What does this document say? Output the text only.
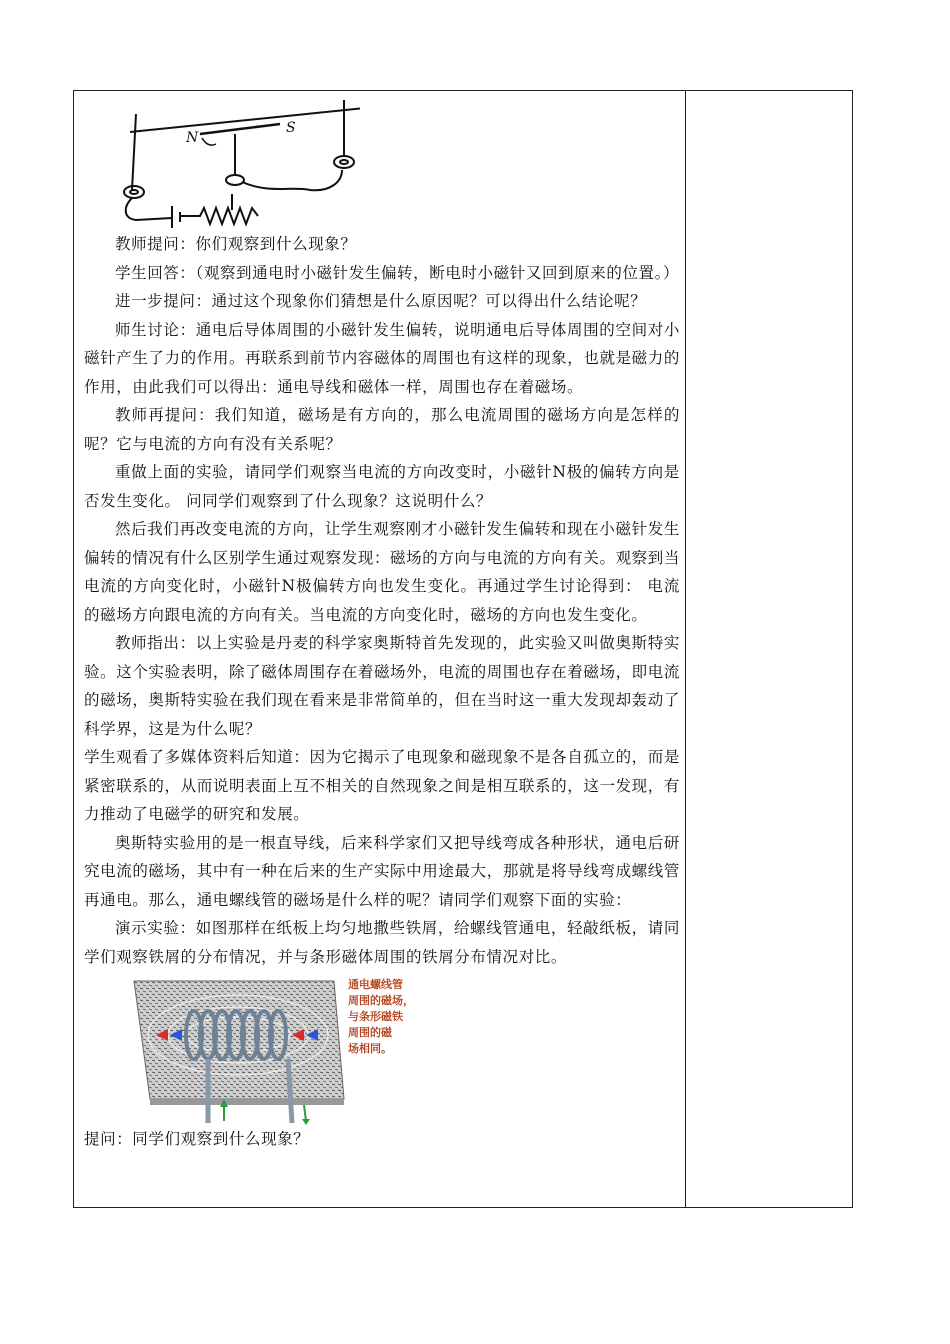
N
S

教师提问：你们观察到什么现象？

学生回答：（观察到通电时小磁针发生偏转，断电时小磁针又回到原来的位置。）

进一步提问：通过这个现象你们猜想是什么原因呢？可以得出什么结论呢？

师生讨论：通电后导体周围的小磁针发生偏转，说明通电后导体周围的空间对小磁针产生了力的作用。再联系到前节内容磁体的周围也有这样的现象，也就是磁力的作用，由此我们可以得出：通电导线和磁体一样，周围也存在着磁场。

教师再提问：我们知道，磁场是有方向的，那么电流周围的磁场方向是怎样的呢？它与电流的方向有没有关系呢？

重做上面的实验，请同学们观察当电流的方向改变时，小磁针N极的偏转方向是否发生变化。 问同学们观察到了什么现象？这说明什么？

然后我们再改变电流的方向，让学生观察刚才小磁针发生偏转和现在小磁针发生偏转的情况有什么区别学生通过观察发现：磁场的方向与电流的方向有关。观察到当电流的方向变化时，小磁针N极偏转方向也发生变化。再通过学生讨论得到： 电流的磁场方向跟电流的方向有关。当电流的方向变化时，磁场的方向也发生变化。

教师指出：以上实验是丹麦的科学家奥斯特首先发现的，此实验又叫做奥斯特实验。这个实验表明，除了磁体周围存在着磁场外，电流的周围也存在着磁场，即电流的磁场，奥斯特实验在我们现在看来是非常简单的，但在当时这一重大发现却轰动了科学界，这是为什么呢？

学生观看了多媒体资料后知道：因为它揭示了电现象和磁现象不是各自孤立的，而是紧密联系的，从而说明表面上互不相关的自然现象之间是相互联系的，这一发现，有力推动了电磁学的研究和发展。

奥斯特实验用的是一根直导线，后来科学家们又把导线弯成各种形状，通电后研究电流的磁场，其中有一种在后来的生产实际中用途最大，那就是将导线弯成螺线管再通电。那么，通电螺线管的磁场是什么样的呢？请同学们观察下面的实验：

演示实验：如图那样在纸板上均匀地撒些铁屑，给螺线管通电，轻敲纸板，请同学们观察铁屑的分布情况，并与条形磁体周围的铁屑分布情况对比。

通电螺线管
周围的磁场，
与条形磁铁
周围的磁
场相同。

提问：同学们观察到什么现象？
